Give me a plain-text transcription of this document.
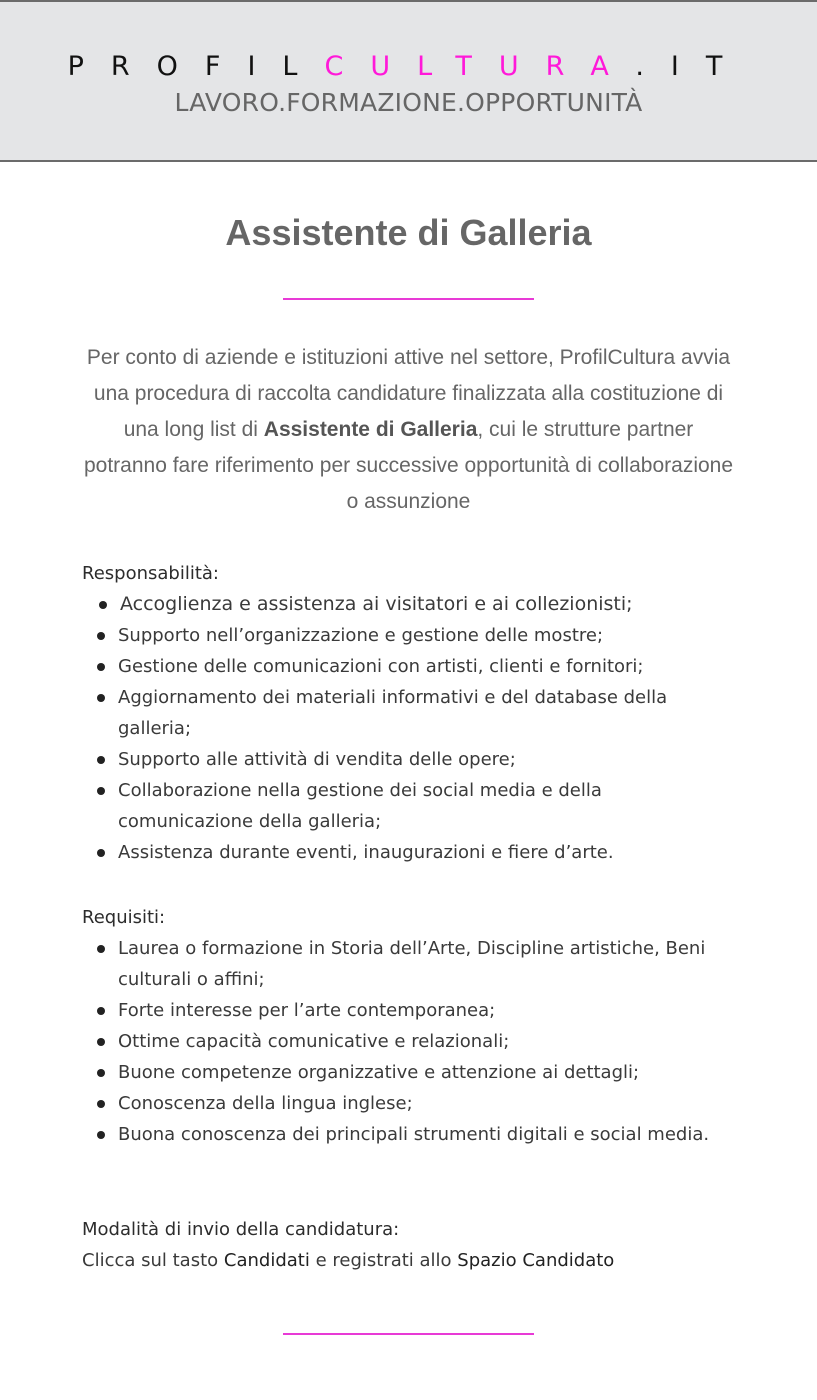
PROFILCULTURA.IT
LAVORO.FORMAZIONE.OPPORTUNITÀ
Assistente di Galleria
Per conto di aziende e istituzioni attive nel settore, ProfilCultura avvia una procedura di raccolta candidature finalizzata alla costituzione di una long list di Assistente di Galleria, cui le strutture partner potranno fare riferimento per successive opportunità di collaborazione o assunzione
Responsabilità:
Accoglienza e assistenza ai visitatori e ai collezionisti;
Supporto nell’organizzazione e gestione delle mostre;
Gestione delle comunicazioni con artisti, clienti e fornitori;
Aggiornamento dei materiali informativi e del database della galleria;
Supporto alle attività di vendita delle opere;
Collaborazione nella gestione dei social media e della comunicazione della galleria;
Assistenza durante eventi, inaugurazioni e fiere d’arte.
Requisiti:
Laurea o formazione in Storia dell’Arte, Discipline artistiche, Beni culturali o affini;
Forte interesse per l’arte contemporanea;
Ottime capacità comunicative e relazionali;
Buone competenze organizzative e attenzione ai dettagli;
Conoscenza della lingua inglese;
Buona conoscenza dei principali strumenti digitali e social media.
Modalità di invio della candidatura:

Clicca sul tasto Candidati e registrati allo Spazio Candidato
